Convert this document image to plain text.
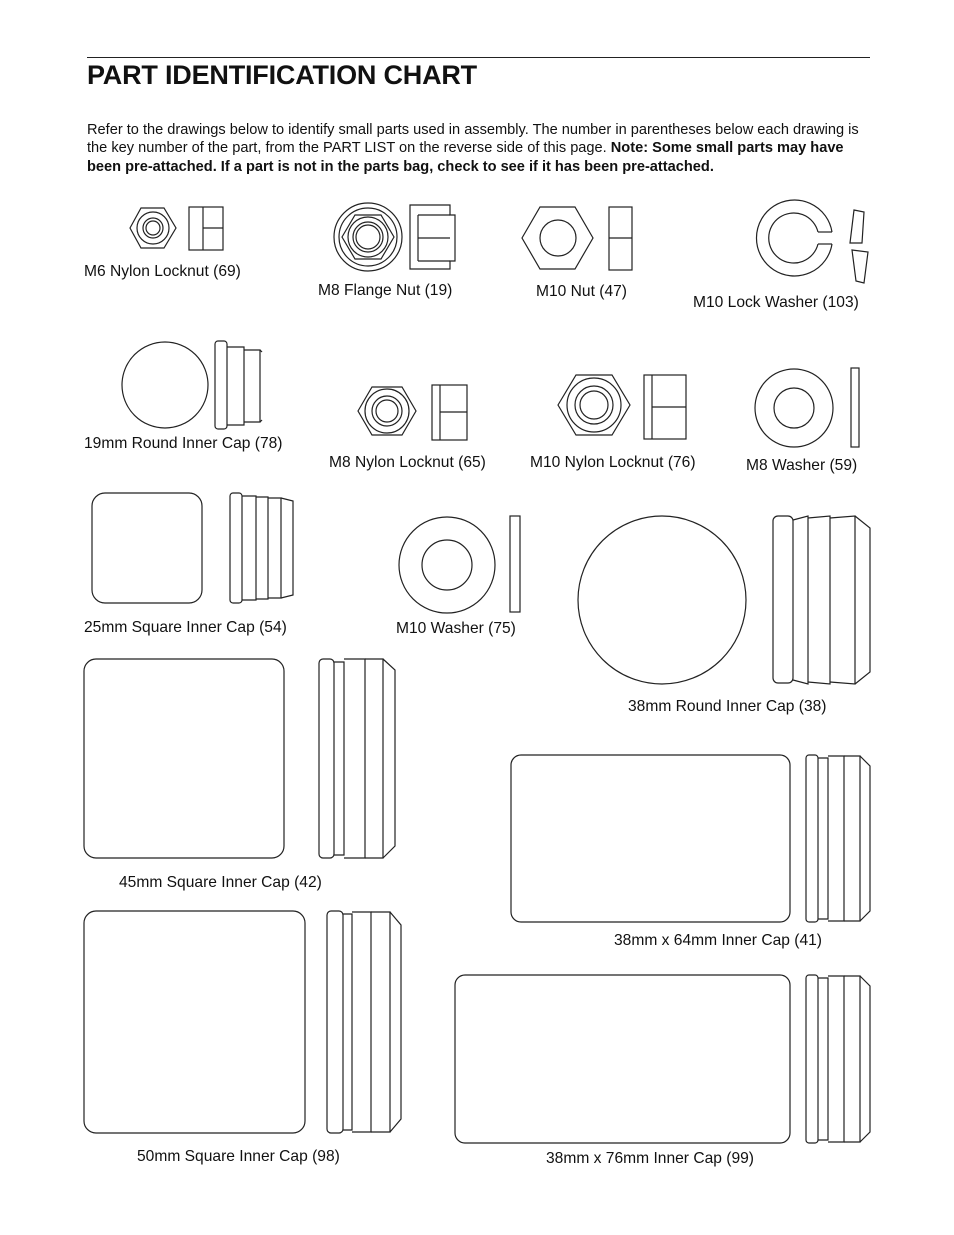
PART IDENTIFICATION CHART

Refer to the drawings below to identify small parts used in assembly. The number in parentheses below each drawing is the key number of the part, from the PART LIST on the reverse side of this page. Note: Some small parts may have been pre-attached. If a part is not in the parts bag, check to see if it has been pre-attached.

M6 Nylon Locknut (69)
M8 Flange Nut (19)	M10 Nut (47)
M10 Lock Washer (103)
19mm Round Inner Cap (78)
M8 Nylon Locknut (65)	M10 Nylon Locknut (76)	M8 Washer (59)
25mm Square Inner Cap (54)	M10 Washer (75)
38mm Round Inner Cap (38)
45mm Square Inner Cap (42)
38mm x 64mm Inner Cap (41)
50mm Square Inner Cap (98)	38mm x 76mm Inner Cap (99)
